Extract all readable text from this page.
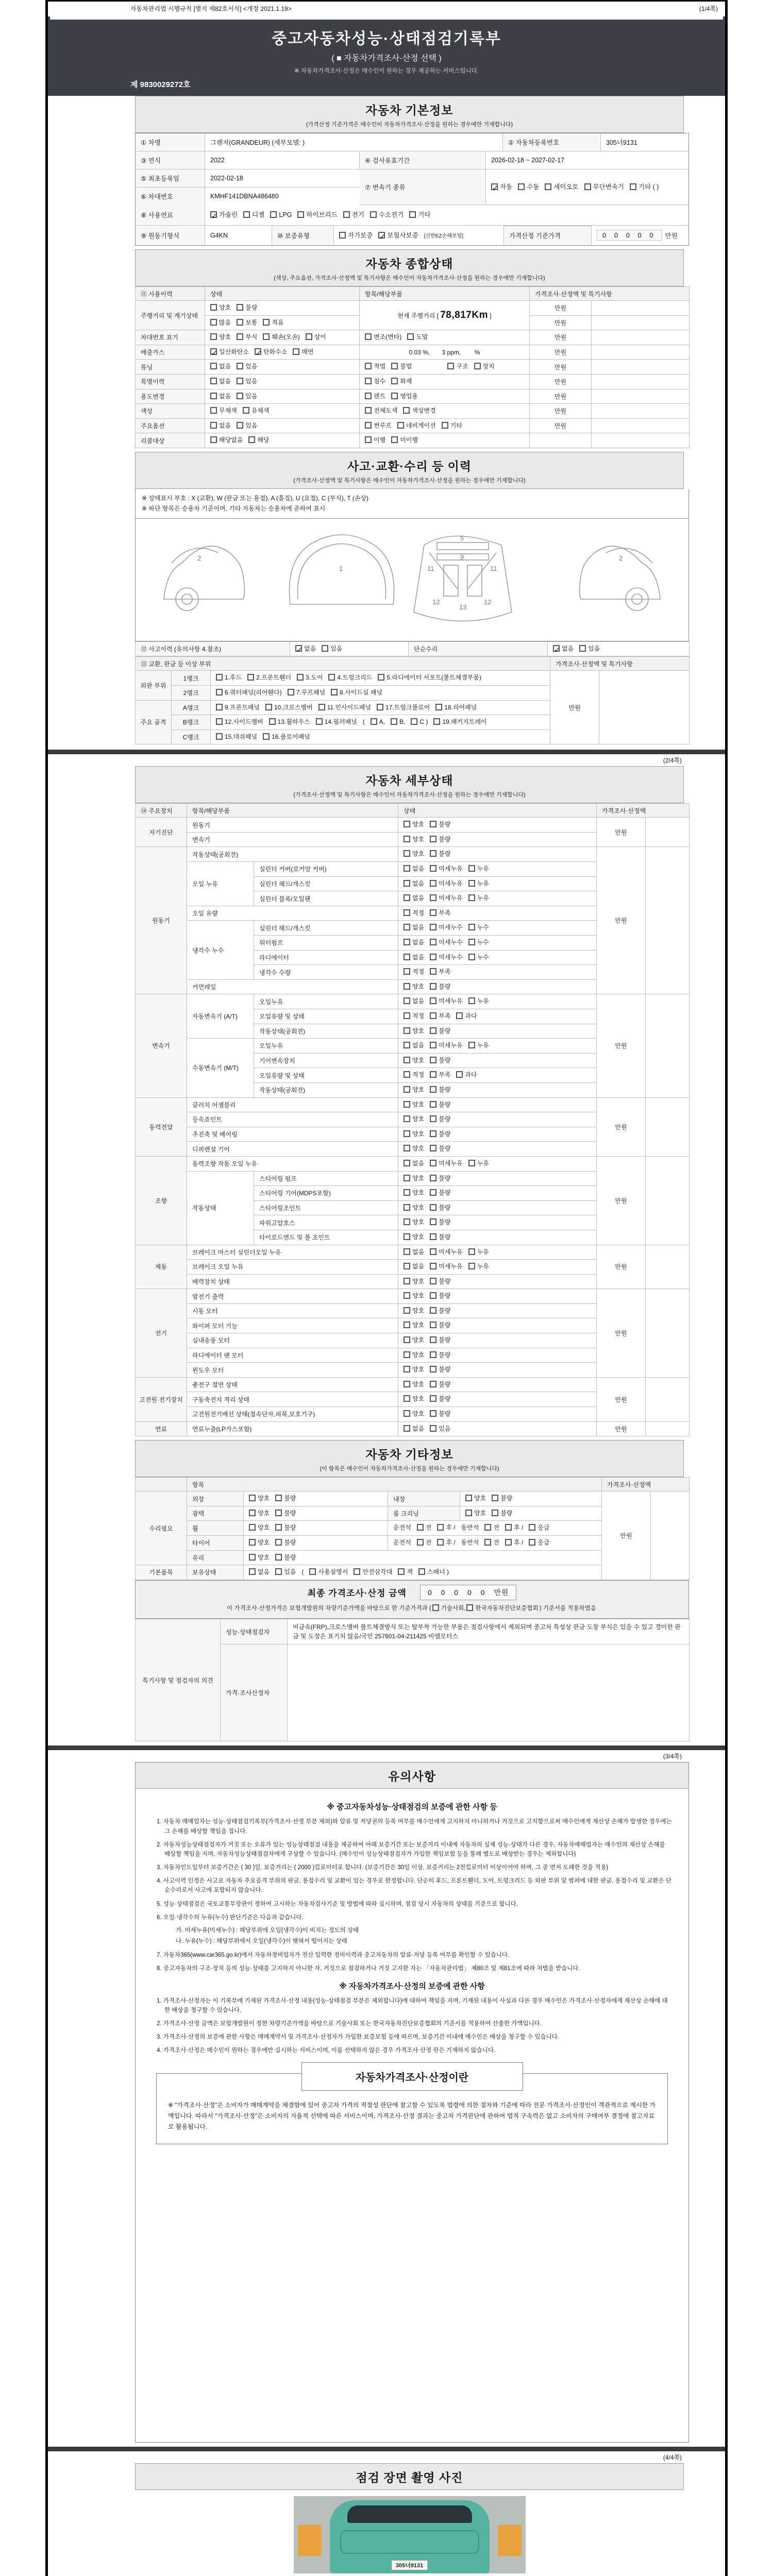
자동차관리법 시행규칙 [별지 제82호서식] <개정 2021.1.19>	(1/4쪽)
중고자동차성능·상태점검기록부
( ■ 자동차가격조사·산정 선택 )
※ 자동차가격조사·산정은 매수인이 원하는 경우 제공하는 서비스입니다.
제 9830029272호
자동차 기본정보
(가격산정 기준가격은 매수인이 자동차가격조사·산정을 원하는 경우에만 기재합니다)
① 차명	그랜저(GRANDEUR) (세부모델: )	② 자동차등록번호	305너9131
③ 연식	2022	④ 검사유효기간	2026-02-18 ~ 2027-02-17
⑤ 최초등록일	2022-02-18
⑥ 차대번호	KMHF141DBNA486480
⑦ 변속기 종류 ✓	자동	수동	세미오토	무단변속기	기타 ( )
⑧ 사용연료 ✓	가솔린	디젤	LPG	하이브리드	전기	수소전기	기타
⑨ 원동기형식	G4KN	⑩ 보증유형	자가보증 ✓	보험사보증 [신한EZ손해보험]	가격산정 기준가격	0 0 0 0 0	만원
자동차 종합상태
(색상, 주요옵션, 가격조사·산정액 및 특기사항은 매수인이 자동차가격조사·산정을 원하는 경우에만 기재합니다)
⑪ 사용이력	상태	항목/해당부품	가격조사·산정액 및 특기사항	
주행거리 및 계기상태	양호 불량	현재 주행거리 [ 78,817Km ]	만원	
	많음 보통 적음		만원	
차대번호 표기	양호 부식 훼손(오손) 상이	변조(변타) 도말	만원	
배출가스	✓일산화탄소 ✓ 탄화수소 매연	0.03 %,       3 ppm,        %	만원	
튜닝	없음 있음	적법 불법 구조 장치	만원	
특별이력	없음 있음	침수 화재	만원	
용도변경	없음 있음	렌트 영업용	만원	
색상	무채색 유채색	전체도색 색상변경	만원	
주요옵션	없음 있음	썬루프 네비게이션 기타	만원	
리콜대상	해당없음 해당	이행 미이행		
사고·교환·수리 등 이력
(가격조사·산정액 및 특기사항은 매수인이 자동차가격조사·산정을 원하는 경우에만 기재합니다)
※ 상태표시 부호 : X (교환), W (판금 또는 용접), A (흠집), U (요철), C (부식), T (손상)
※ 하단 항목은 승용차 기준이며, 기타 자동차는 승용차에 준하여 표시
2
1
5
9
11	11
12	12
13
2
⑫ 사고이력 (유의사항 4.참조)	✓없음 있음	단순수리	✓없음 있음
⑬ 교환, 판금 등 이상 부위			가격조사·산정액 및 특기사항	
외판 부위	1랭크	1.후드 2.프론트휀더 3.도어 4.트렁크리드 5.라디에이터 서포트(볼트체결부품)	만원	
	2랭크	6.쿼터패널(리어휀다) 7.루프패널 8.사이드실 패널		
주요 골격	A랭크	9.프론트패널 10.크로스멤버 11.인사이드패널 17.트렁크플로어 18.리어패널		
	B랭크	12.사이드멤버 13.휠하우스 14.필러패널 ( A, B, C ) 19.패키지트레이		
	C랭크	15.대쉬패널 16.플로어패널		
(2/4쪽)
자동차 세부상태
(가격조사·산정액 및 특기사항은 매수인이 자동차가격조사·산정을 원하는 경우에만 기재합니다)
⑭ 주요장치	항목/해당부품		상태	가격조사·산정액	
자기진단	원동기		양호 불량	만원	
	변속기		양호 불량		
원동기	작동상태(공회전)		양호 불량	만원	
	오일 누유	실린더 커버(로커암 커버)	없음 미세누유 누유		
		실린더 헤드/개스킷	없음 미세누유 누유		
		실린더 블록/오일팬	없음 미세누유 누유		
	오일 유량		적정 부족		
	냉각수 누수	실린더 헤드/개스킷	없음 미세누수 누수		
		워터펌프	없음 미세누수 누수		
		라디에이터	없음 미세누수 누수		
		냉각수 수량	적정 부족		
	커먼레일		양호 불량		
변속기	자동변속기 (A/T)	오일누유	없음 미세누유 누유	만원	
		오일유량 및 상태	적정 부족 과다		
		작동상태(공회전)	양호 불량		
	수동변속기 (M/T)	오일누유	없음 미세누유 누유		
		기어변속장치	양호 불량		
		오일유량 및 상태	적정 부족 과다		
		작동상태(공회전)	양호 불량		
동력전달	클러치 어셈블리		양호 불량	만원	
	등속죠인트		양호 불량		
	추진축 및 베어링		양호 불량		
	디퍼렌셜 기어		양호 불량		
조향	동력조향 작동 오일 누유		없음 미세누유 누유	만원	
	작동상태	스티어링 펌프	양호 불량		
		스티어링 기어(MDPS포함)	양호 불량		
		스티어링조인트	양호 불량		
		파워고압호스	양호 불량		
		타이로드엔드 및 볼 조인트	양호 불량		
제동	브레이크 마스터 실린더오일 누유		없음 미세누유 누유	만원	
	브레이크 오일 누유		없음 미세누유 누유		
	배력장치 상태		양호 불량		
전기	발전기 출력		양호 불량	만원	
	시동 모터		양호 불량		
	와이퍼 모터 기능		양호 불량		
	실내송풍 모터		양호 불량		
	라디에이터 팬 모터		양호 불량		
	윈도우 모터		양호 불량		
고전원 전기장치	충전구 절연 상태		양호 불량	만원	
	구동축전지 격리 상태		양호 불량		
	고전원전기배선 상태(접속단자,피복,보호기구)		양호 불량		
연료	연료누출(LP가스포함)		없음 있음	만원	
자동차 기타정보
(이 항목은 매수인이 자동차가격조사·산정을 원하는 경우에만 기재합니다)
	항목				가격조사·산정액	
수리필요	외장	양호 불량	내장	양호 불량	만원	
	광택	양호 불량	룸 크리닝	양호 불량		
	휠	양호 불량	운전석 전 후 / 동반석 전 후 / 응급			
	타이어	양호 불량	운전석 전 후 / 동반석 전 후 / 응급			
	유리	양호 불량				
기본품목	보유상태	없음 있음 ( 사용설명서 안전삼각대 잭 스패너 )				
최종 가격조사·산정 금액	0 0 0 0 0 만원
이 가격조사·산정가격은 보험개발원의 차량기준가액을 바탕으로 한 기준가격과 ( 기술사회, 한국자동차진단보증협회 ) 기준서를 적용하였음
특기사항 및 점검자의 의견	성능·상태점검자	비금속(FRP),크로스멤버 볼트체결방식 또는 탈부착 가능한 부품은 점검사항에서 제외되며 중고차 특성상 판금 도장 부식은 있을 수 있고 경미한 판금 및 도장은 표기치 않음/국민 257601-04-211425 비엠모터스
	가격·조사산정자	
(3/4쪽)
유의사항
※ 중고자동차성능·상태점검의 보증에 관한 사항 등
1. 자동차 매매업자는 성능·상태점검기록부(가격조사·산정 부분 제외)와 압류 및 저당권의 등록 여부를 매수인에게 고지하지 아니하거나 거짓으로 고지함으로써 매수인에게 재산상 손해가 발생한 경우에는 그 손해를 배상할 책임을 집니다.
2. 자동차성능상태점검자가 거짓 또는 오류가 있는 성능상태점검 내용을 제공하여 아래 보증기간 또는 보증거리 이내에 자동차의 실제 성능·상태가 다른 경우, 자동차매매업자는 매수인의 재산상 손해를 배상할 책임을 지며, 자동차성능상태점검자에게 구상할 수 있습니다. (매수인이 성능상태점검자가 가입한 책임보험 등을 통해 별도로 배상받는 경우는 제외합니다)
3. 자동차인도일부터 보증기간은 ( 30 )일, 보증거리는 ( 2000 )킬로미터로 합니다. (보증기간은 30일 이상, 보증거리는 2천킬로미터 이상이어야 하며, 그 중 먼저 도래한 것을 적용)
4. 사고이력 인정은 사고로 자동차 주요골격 부위의 판금, 용접수리 및 교환이 있는 경우로 한정합니다. 단순히 후드, 프론트휀더, 도어, 트렁크리드 등 외판 부위 및 범퍼에 대한 판금, 용접수리 및 교환은 단순수리로서 사고에 포함되지 않습니다.
5. 성능·상태점검은 국토교통부장관이 정하여 고시하는 자동차검사기준 및 방법에 따라 실시하며, 점검 당시 자동차의 상태를 기준으로 합니다.
6. 오일·냉각수의 누유(누수) 판단기준은 다음과 같습니다.
가. 미세누유(미세누수) : 해당부위에 오일(냉각수)이 비치는 정도의 상태
나. 누유(누수) : 해당부위에서 오일(냉각수)이 맺혀서 떨어지는 상태
7. 자동차365(www.car365.go.kr)에서 자동차정비업자가 전산 입력한 정비이력과 중고자동차의 압류·저당 등록 여부를 확인할 수 있습니다.
8. 중고자동차의 구조·장치 등의 성능·상태를 고지하지 아니한 자, 거짓으로 점검하거나 거짓 고지한 자는 「자동차관리법」 제80조 및 제81조에 따라 처벌을 받습니다.
※ 자동차가격조사·산정의 보증에 관한 사항
1. 가격조사·산정자는 이 기록부에 기재된 가격조사·산정 내용(성능·상태점검 부분은 제외합니다)에 대하여 책임을 지며, 기재된 내용이 사실과 다른 경우 매수인은 가격조사·산정자에게 재산상 손해에 대한 배상을 청구할 수 있습니다.
2. 가격조사·산정 금액은 보험개발원이 정한 차량기준가액을 바탕으로 기술사회 또는 한국자동차진단보증협회의 기준서를 적용하여 산출한 가액입니다.
3. 가격조사·산정의 보증에 관한 사항은 매매계약서 및 가격조사·산정자가 가입한 보증보험 등에 따르며, 보증기간 이내에 매수인은 배상을 청구할 수 있습니다.
4. 가격조사·산정은 매수인이 원하는 경우에만 실시하는 서비스이며, 이를 선택하지 않은 경우 가격조사·산정 란은 기재하지 않습니다.
자동차가격조사·산정이란
※ "가격조사·산정"은 소비자가 매매계약을 체결함에 있어 중고차 가격의 적절성 판단에 참고할 수 있도록 법령에 의한 절차와 기준에 따라 전문 가격조사·산정인이 객관적으로 제시한 가액입니다. 따라서 "가격조사·산정"은 소비자의 자율적 선택에 따른 서비스이며, 가격조사·산정 결과는 중고차 가격판단에 관하여 법적 구속력은 없고 소비자의 구매여부 결정에 참고자료로 활용됩니다.
(4/4쪽)
점검 장면 촬영 사진
305너9131
